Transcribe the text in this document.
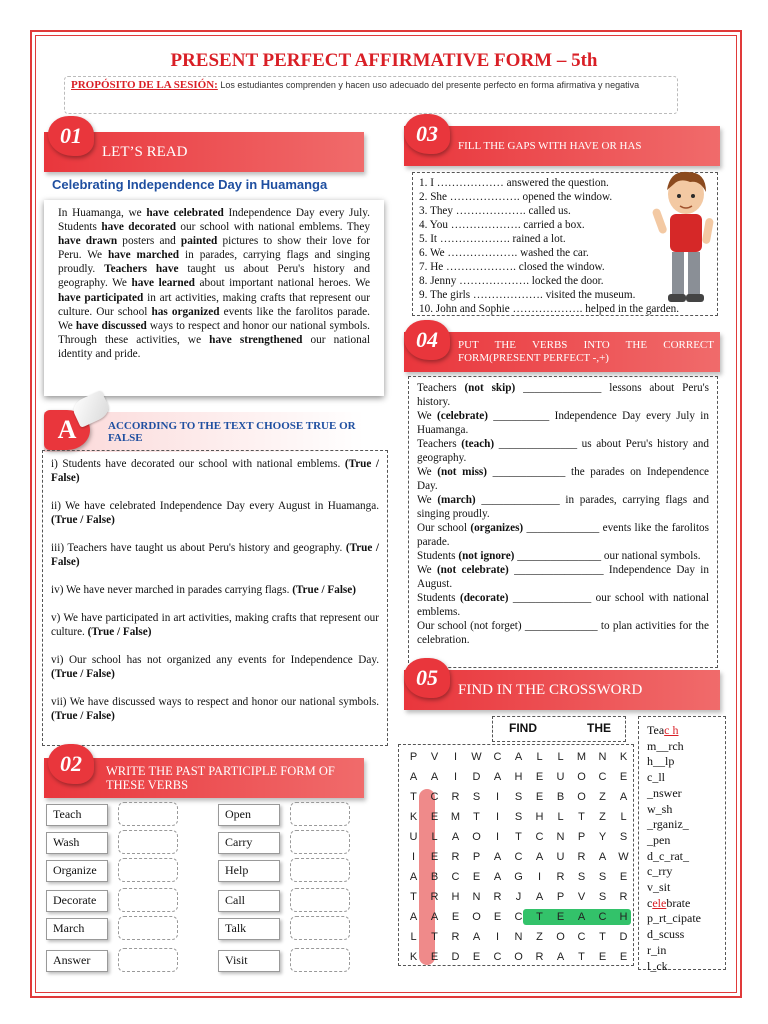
PRESENT PERFECT AFFIRMATIVE FORM – 5th
PROPÓSITO DE LA SESIÓN: Los estudiantes comprenden y hacen uso adecuado del presente perfecto en forma afirmativa y negativa
LET’S READ
01
Celebrating Independence Day in Huamanga
In Huamanga, we have celebrated Independence Day every July. Students have decorated our school with national emblems. They have drawn posters and painted pictures to show their love for Peru. We have marched in parades, carrying flags and singing proudly. Teachers have taught us about Peru's history and geography. We have learned about important national heroes. We have participated in art activities, making crafts that represent our culture. Our school has organized events like the farolitos parade. We have discussed ways to respect and honor our national symbols. Through these activities, we have strengthened our national identity and pride.
ACCORDING TO THE TEXT CHOOSE TRUE OR FALSE
A

i) Students have decorated our school with national emblems. (True / False)

ii) We have celebrated Independence Day every August in Huamanga. (True / False)

iii) Teachers have taught us about Peru's history and geography. (True / False)

iv) We have never marched in parades carrying flags. (True / False)

v) We have participated in art activities, making crafts that represent our culture. (True / False)

vi) Our school has not organized any events for Independence Day. (True / False)

vii) We have discussed ways to respect and honor our national symbols. (True / False)

WRITE THE PAST PARTICIPLE FORM OF THESE VERBS
02
Teach
Wash
Organize
Decorate
March
Answer
Open
Carry
Help
Call
Talk
Visit
FILL THE GAPS WITH HAVE OR HAS
03
1. I ……………… answered the question.
2. She ………………. opened the window.
3. They ………………. called us.
4. You ………………. carried a box.
5. It ………………. rained a lot.
6. We ………………. washed the car.
7. He ………………. closed the window.
8. Jenny ………………. locked the door.
9. The girls ………………. visited the museum.
10. John and Sophie ………………. helped in the garden.
PUT THE VERBS INTO THE CORRECT FORM(PRESENT PERFECT -,+)
04

Teachers (not skip) ______________ lessons about Peru's history.

We (celebrate) __________ Independence Day every July in Huamanga.

Teachers (teach) ______________ us about Peru's history and geography.

We (not miss) _____________ the parades on Independence Day.

We (march) ______________ in parades, carrying flags and singing proudly.

Our school (organizes) _____________ events like the farolitos parade.

Students (not ignore) _______________ our national symbols.

We (not celebrate) ________________ Independence Day in August.

Students (decorate) ______________ our school with national emblems.

Our school (not forget) _____________ to plan activities for the celebration.

FIND IN THE CROSSWORD
05
FIND	THE
P	V	I	W	C	A	L	L	M	N	K
A	A	I	D	A	H	E	U	O	C	E
T	C	R	S	I	S	E	B	O	Z	A
K	E	M	T	I	S	H	L	T	Z	L
U	L	A	O	I	T	C	N	P	Y	S
I	E	R	P	A	C	A	U	R	A	W
A	B	C	E	A	G	I	R	S	S	E
T	R	H	N	R	J	A	P	V	S	R
A	A	E	O	E	C	T	E	A	C	H
L	T	R	A	I	N	Z	O	C	T	D
K	E	D	E	C	O	R	A	T	E	E
Teac h
m__rch
h__lp
c_ll
_nswer
w_sh
_rganiz_
_pen
d_c_rat_
c_rry
v_sit
celebrate
p_rt_cipate
d_scuss
r_in
l_ck
